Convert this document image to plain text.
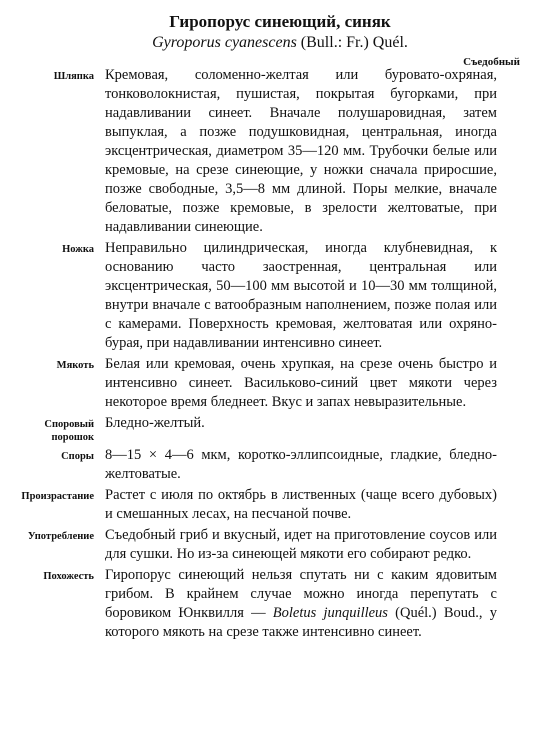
Гиропорус синеющий, синяк
Gyroporus cyanescens (Bull.: Fr.) Quél.
Съедобный
Шляпка Кремовая, соломенно-желтая или буровато-охряная, тонковолокнистая, пушистая, покрытая бугорками, при надавливании синеет. Вначале полушаровидная, затем выпуклая, а позже подушковидная, центральная, иногда эксцентрическая, диаметром 35—120 мм. Трубочки белые или кремовые, на срезе синеющие, у ножки сначала приросшие, позже свободные, 3,5—8 мм длиной. Поры мелкие, вначале беловатые, позже кремовые, в зрелости желтоватые, при надавливании синеющие.
Ножка Неправильно цилиндрическая, иногда клубневидная, к основанию часто заостренная, центральная или эксцентрическая, 50—100 мм высотой и 10—30 мм толщиной, внутри вначале с ватообразным наполнением, позже полая или с камерами. Поверхность кремовая, желтоватая или охряно-бурая, при надавливании интенсивно синеет.
Мякоть Белая или кремовая, очень хрупкая, на срезе очень быстро и интенсивно синеет. Васильково-синий цвет мякоти через некоторое время бледнеет. Вкус и запах невыразительные.
Споровый порошок
Бледно-желтый.
Споры 8—15 × 4—6 мкм, коротко-эллипсоидные, гладкие, бледно-желтоватые.
Произрастание Растет с июля по октябрь в лиственных (чаще всего дубовых) и смешанных лесах, на песчаной почве.
Употребление Съедобный гриб и вкусный, идет на приготовление соусов или для сушки. Но из-за синеющей мякоти его собирают редко.
Похожесть Гиропорус синеющий нельзя спутать ни с каким ядовитым грибом. В крайнем случае можно иногда перепутать с боровиком Юнквилля — Boletus junquilleus (Quél.) Boud., у которого мякоть на срезе также интенсивно синеет.
